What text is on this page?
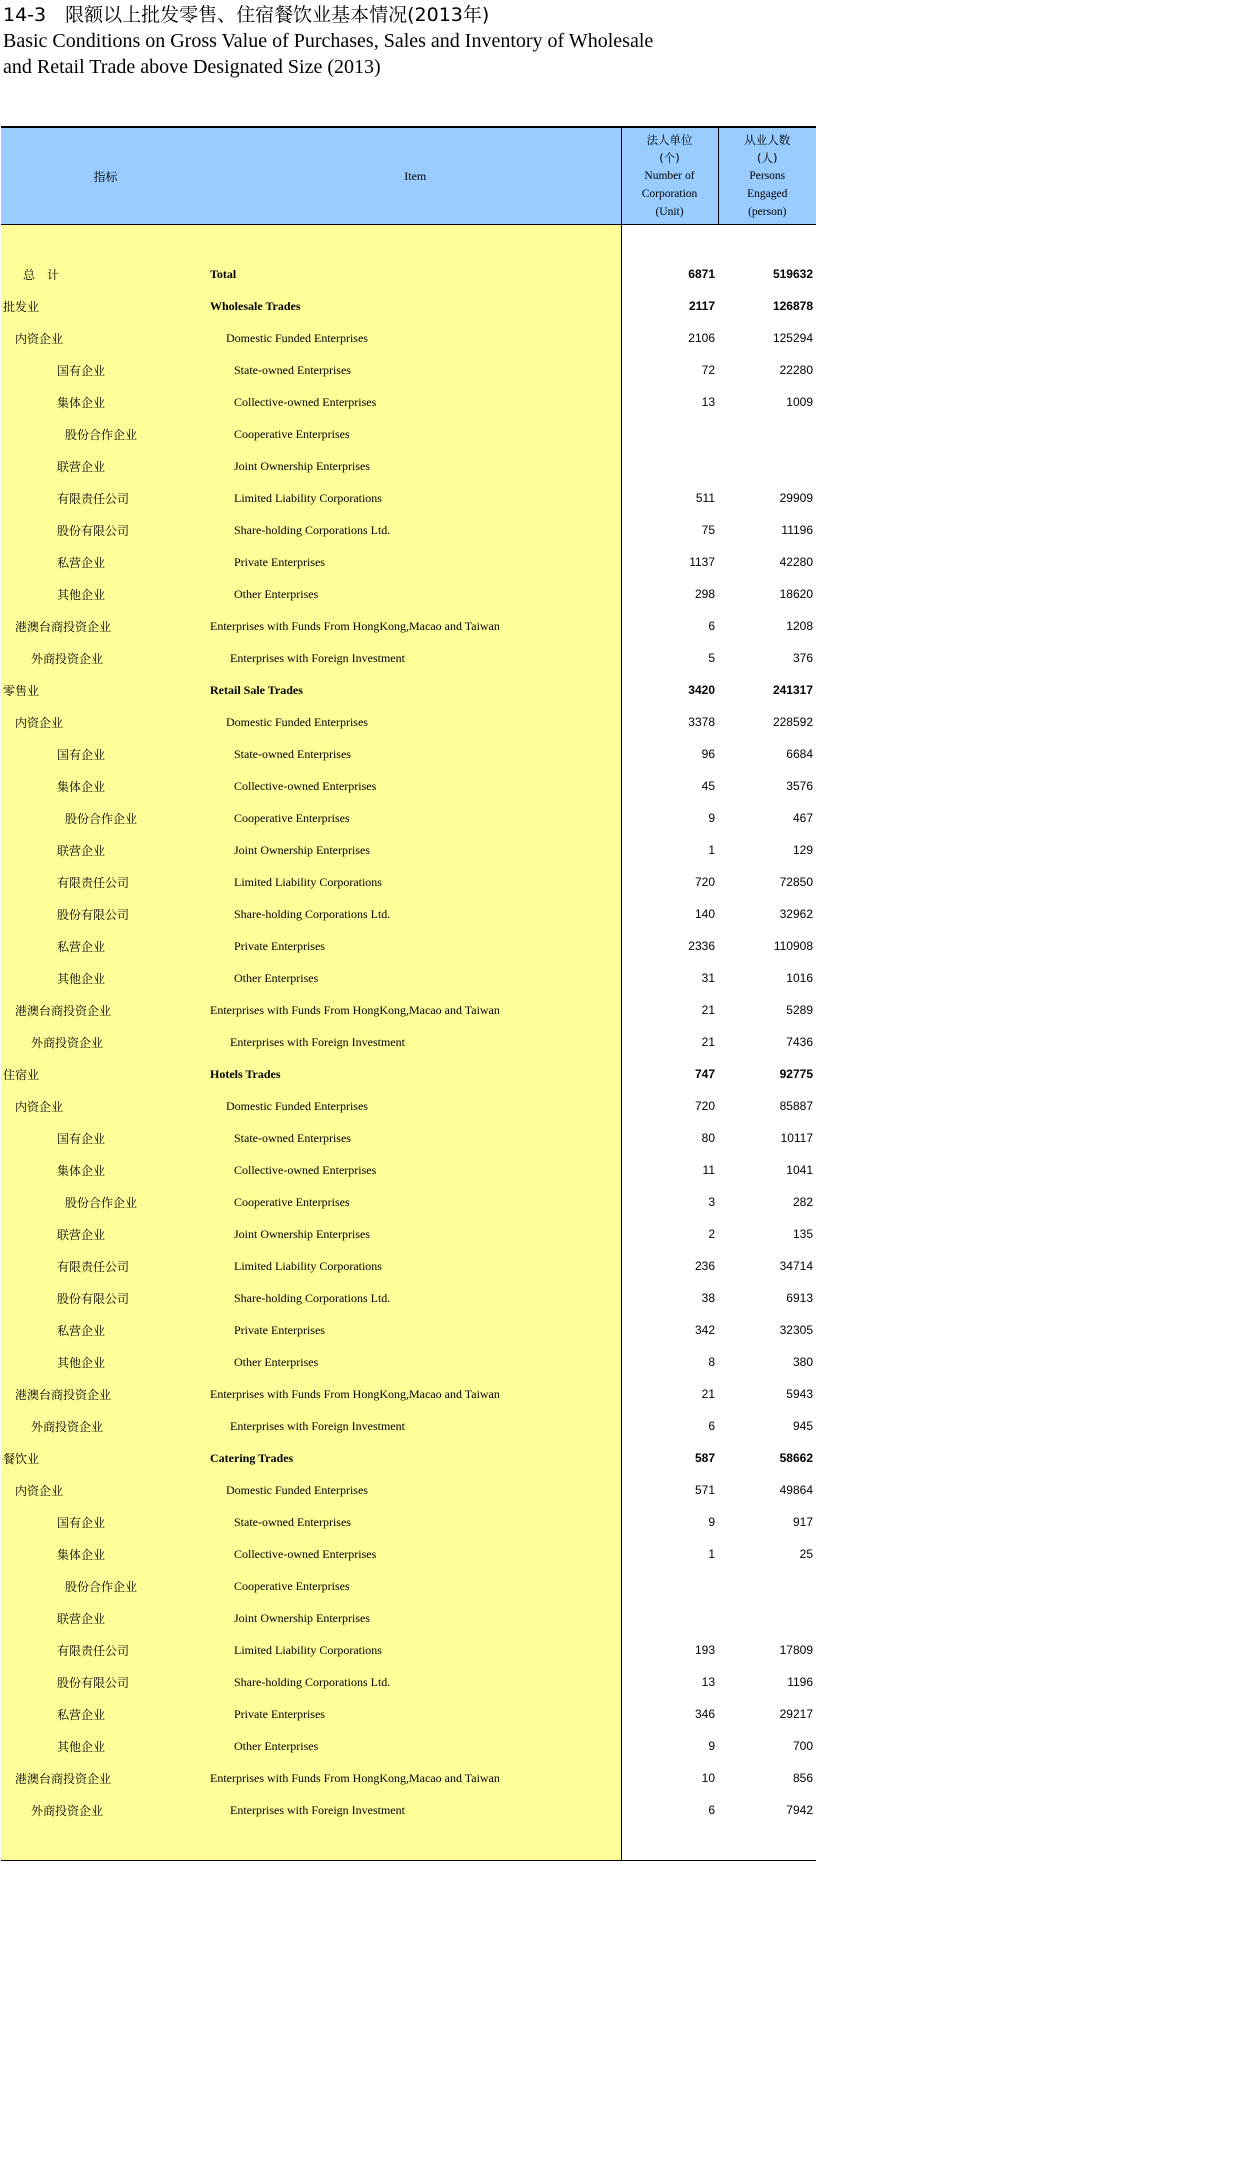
14-3　限额以上批发零售、住宿餐饮业基本情况(2013年)
Basic Conditions on Gross Value of Purchases, Sales and Inventory of Wholesale
and Retail Trade above Designated Size (2013)
指标	Item	法人单位
(个)
Number of
Corporation
(Unit)	从业人数
(人)
Persons
Engaged
(person)

总　计	Total	6871	519632
批发业	Wholesale Trades	2117	126878
内资企业	Domestic Funded Enterprises	2106	125294
国有企业	State-owned Enterprises	72	22280
集体企业	Collective-owned Enterprises	13	1009
股份合作企业	Cooperative Enterprises		
联营企业	Joint Ownership Enterprises		
有限责任公司	Limited Liability Corporations	511	29909
股份有限公司	Share-holding Corporations Ltd.	75	11196
私营企业	Private Enterprises	1137	42280
其他企业	Other Enterprises	298	18620
港澳台商投资企业	Enterprises with Funds From HongKong,Macao and Taiwan	6	1208
外商投资企业	Enterprises with Foreign Investment	5	376
零售业	Retail Sale Trades	3420	241317
内资企业	Domestic Funded Enterprises	3378	228592
国有企业	State-owned Enterprises	96	6684
集体企业	Collective-owned Enterprises	45	3576
股份合作企业	Cooperative Enterprises	9	467
联营企业	Joint Ownership Enterprises	1	129
有限责任公司	Limited Liability Corporations	720	72850
股份有限公司	Share-holding Corporations Ltd.	140	32962
私营企业	Private Enterprises	2336	110908
其他企业	Other Enterprises	31	1016
港澳台商投资企业	Enterprises with Funds From HongKong,Macao and Taiwan	21	5289
外商投资企业	Enterprises with Foreign Investment	21	7436
住宿业	Hotels Trades	747	92775
内资企业	Domestic Funded Enterprises	720	85887
国有企业	State-owned Enterprises	80	10117
集体企业	Collective-owned Enterprises	11	1041
股份合作企业	Cooperative Enterprises	3	282
联营企业	Joint Ownership Enterprises	2	135
有限责任公司	Limited Liability Corporations	236	34714
股份有限公司	Share-holding Corporations Ltd.	38	6913
私营企业	Private Enterprises	342	32305
其他企业	Other Enterprises	8	380
港澳台商投资企业	Enterprises with Funds From HongKong,Macao and Taiwan	21	5943
外商投资企业	Enterprises with Foreign Investment	6	945
餐饮业	Catering Trades	587	58662
内资企业	Domestic Funded Enterprises	571	49864
国有企业	State-owned Enterprises	9	917
集体企业	Collective-owned Enterprises	1	25
股份合作企业	Cooperative Enterprises		
联营企业	Joint Ownership Enterprises		
有限责任公司	Limited Liability Corporations	193	17809
股份有限公司	Share-holding Corporations Ltd.	13	1196
私营企业	Private Enterprises	346	29217
其他企业	Other Enterprises	9	700
港澳台商投资企业	Enterprises with Funds From HongKong,Macao and Taiwan	10	856
外商投资企业	Enterprises with Foreign Investment	6	7942
